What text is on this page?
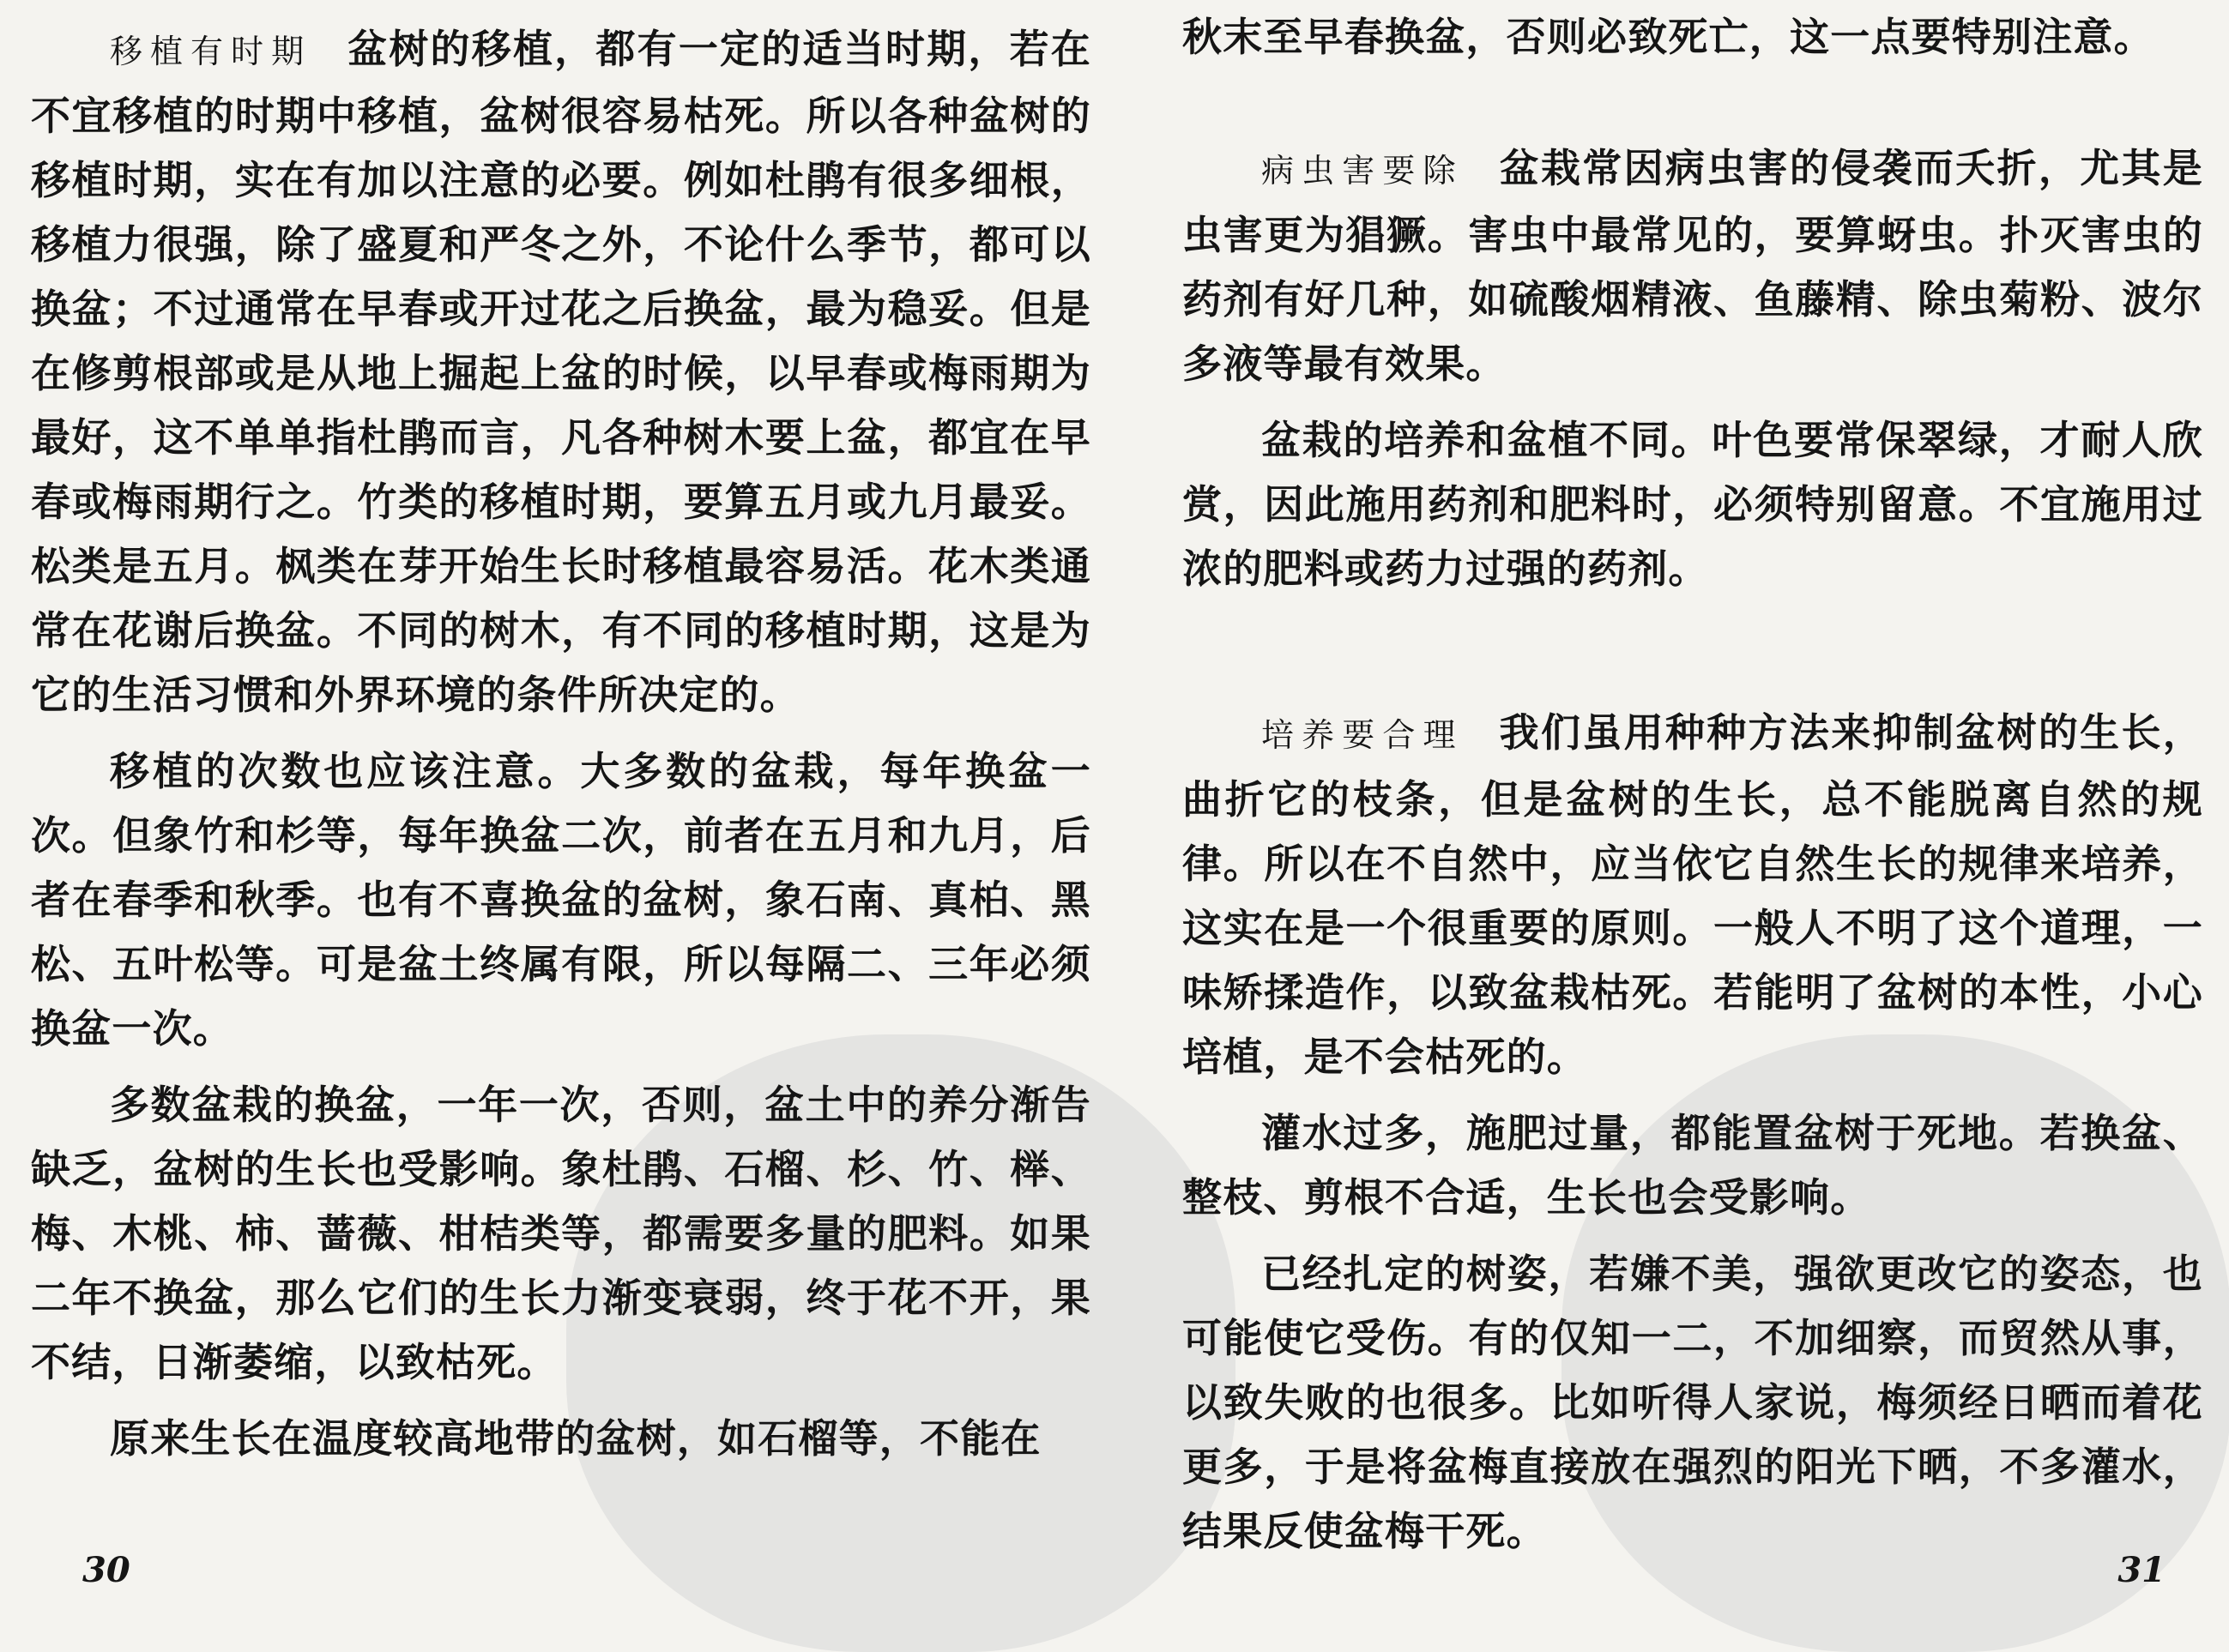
移植有时期 盆树的移植，都有一定的适当时期，若在不宜移植的时期中移植，盆树很容易枯死。所以各种盆树的移植时期，实在有加以注意的必要。例如杜鹃有很多细根，移植力很强，除了盛夏和严冬之外，不论什么季节，都可以换盆；不过通常在早春或开过花之后换盆，最为稳妥。但是在修剪根部或是从地上掘起上盆的时候，以早春或梅雨期为最好，这不单单指杜鹃而言，凡各种树木要上盆，都宜在早春或梅雨期行之。竹类的移植时期，要算五月或九月最妥。松类是五月。枫类在芽开始生长时移植最容易活。花木类通常在花谢后换盆。不同的树木，有不同的移植时期，这是为它的生活习惯和外界环境的条件所决定的。

移植的次数也应该注意。大多数的盆栽，每年换盆一次。但象竹和杉等，每年换盆二次，前者在五月和九月，后者在春季和秋季。也有不喜换盆的盆树，象石南、真柏、黑松、五叶松等。可是盆土终属有限，所以每隔二、三年必须换盆一次。

多数盆栽的换盆，一年一次，否则，盆土中的养分渐告缺乏，盆树的生长也受影响。象杜鹃、石榴、杉、竹、榉、梅、木桃、柿、蔷薇、柑桔类等，都需要多量的肥料。如果二年不换盆，那么它们的生长力渐变衰弱，终于花不开，果不结，日渐萎缩，以致枯死。

原来生长在温度较高地带的盆树，如石榴等，不能在

30

秋末至早春换盆，否则必致死亡，这一点要特别注意。

病虫害要除 盆栽常因病虫害的侵袭而夭折，尤其是虫害更为猖獗。害虫中最常见的，要算蚜虫。扑灭害虫的药剂有好几种，如硫酸烟精液、鱼藤精、除虫菊粉、波尔多液等最有效果。

盆栽的培养和盆植不同。叶色要常保翠绿，才耐人欣赏，因此施用药剂和肥料时，必须特别留意。不宜施用过浓的肥料或药力过强的药剂。

培养要合理 我们虽用种种方法来抑制盆树的生长，曲折它的枝条，但是盆树的生长，总不能脱离自然的规律。所以在不自然中，应当依它自然生长的规律来培养，这实在是一个很重要的原则。一般人不明了这个道理，一味矫揉造作，以致盆栽枯死。若能明了盆树的本性，小心培植，是不会枯死的。

灌水过多，施肥过量，都能置盆树于死地。若换盆、整枝、剪根不合适，生长也会受影响。

已经扎定的树姿，若嫌不美，强欲更改它的姿态，也可能使它受伤。有的仅知一二，不加细察，而贸然从事，以致失败的也很多。比如听得人家说，梅须经日晒而着花更多，于是将盆梅直接放在强烈的阳光下晒，不多灌水，结果反使盆梅干死。

31
